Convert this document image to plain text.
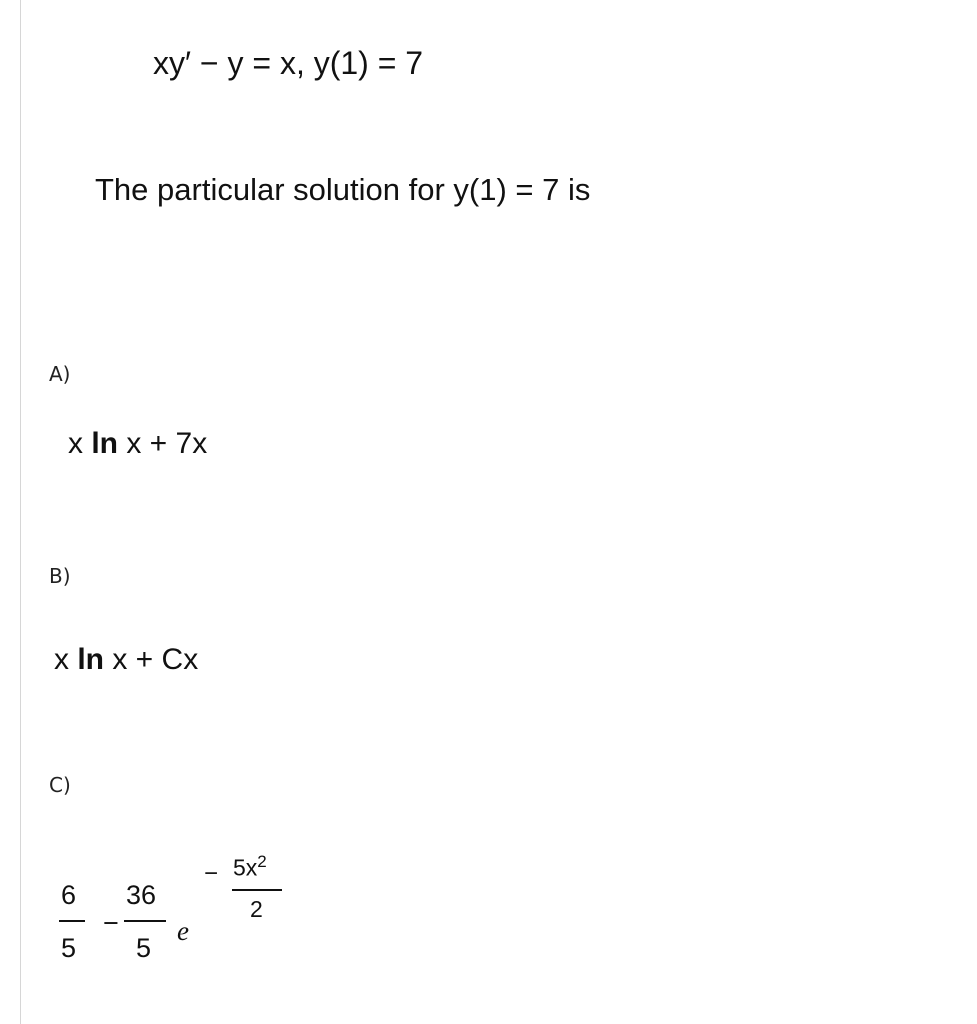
xy′ − y = x, y(1) = 7
The particular solution for y(1) = 7 is
A)
x ln x + 7x
B)
x ln x + Cx
C)
6
5
−
36
5
e
− $5x^2$
2
